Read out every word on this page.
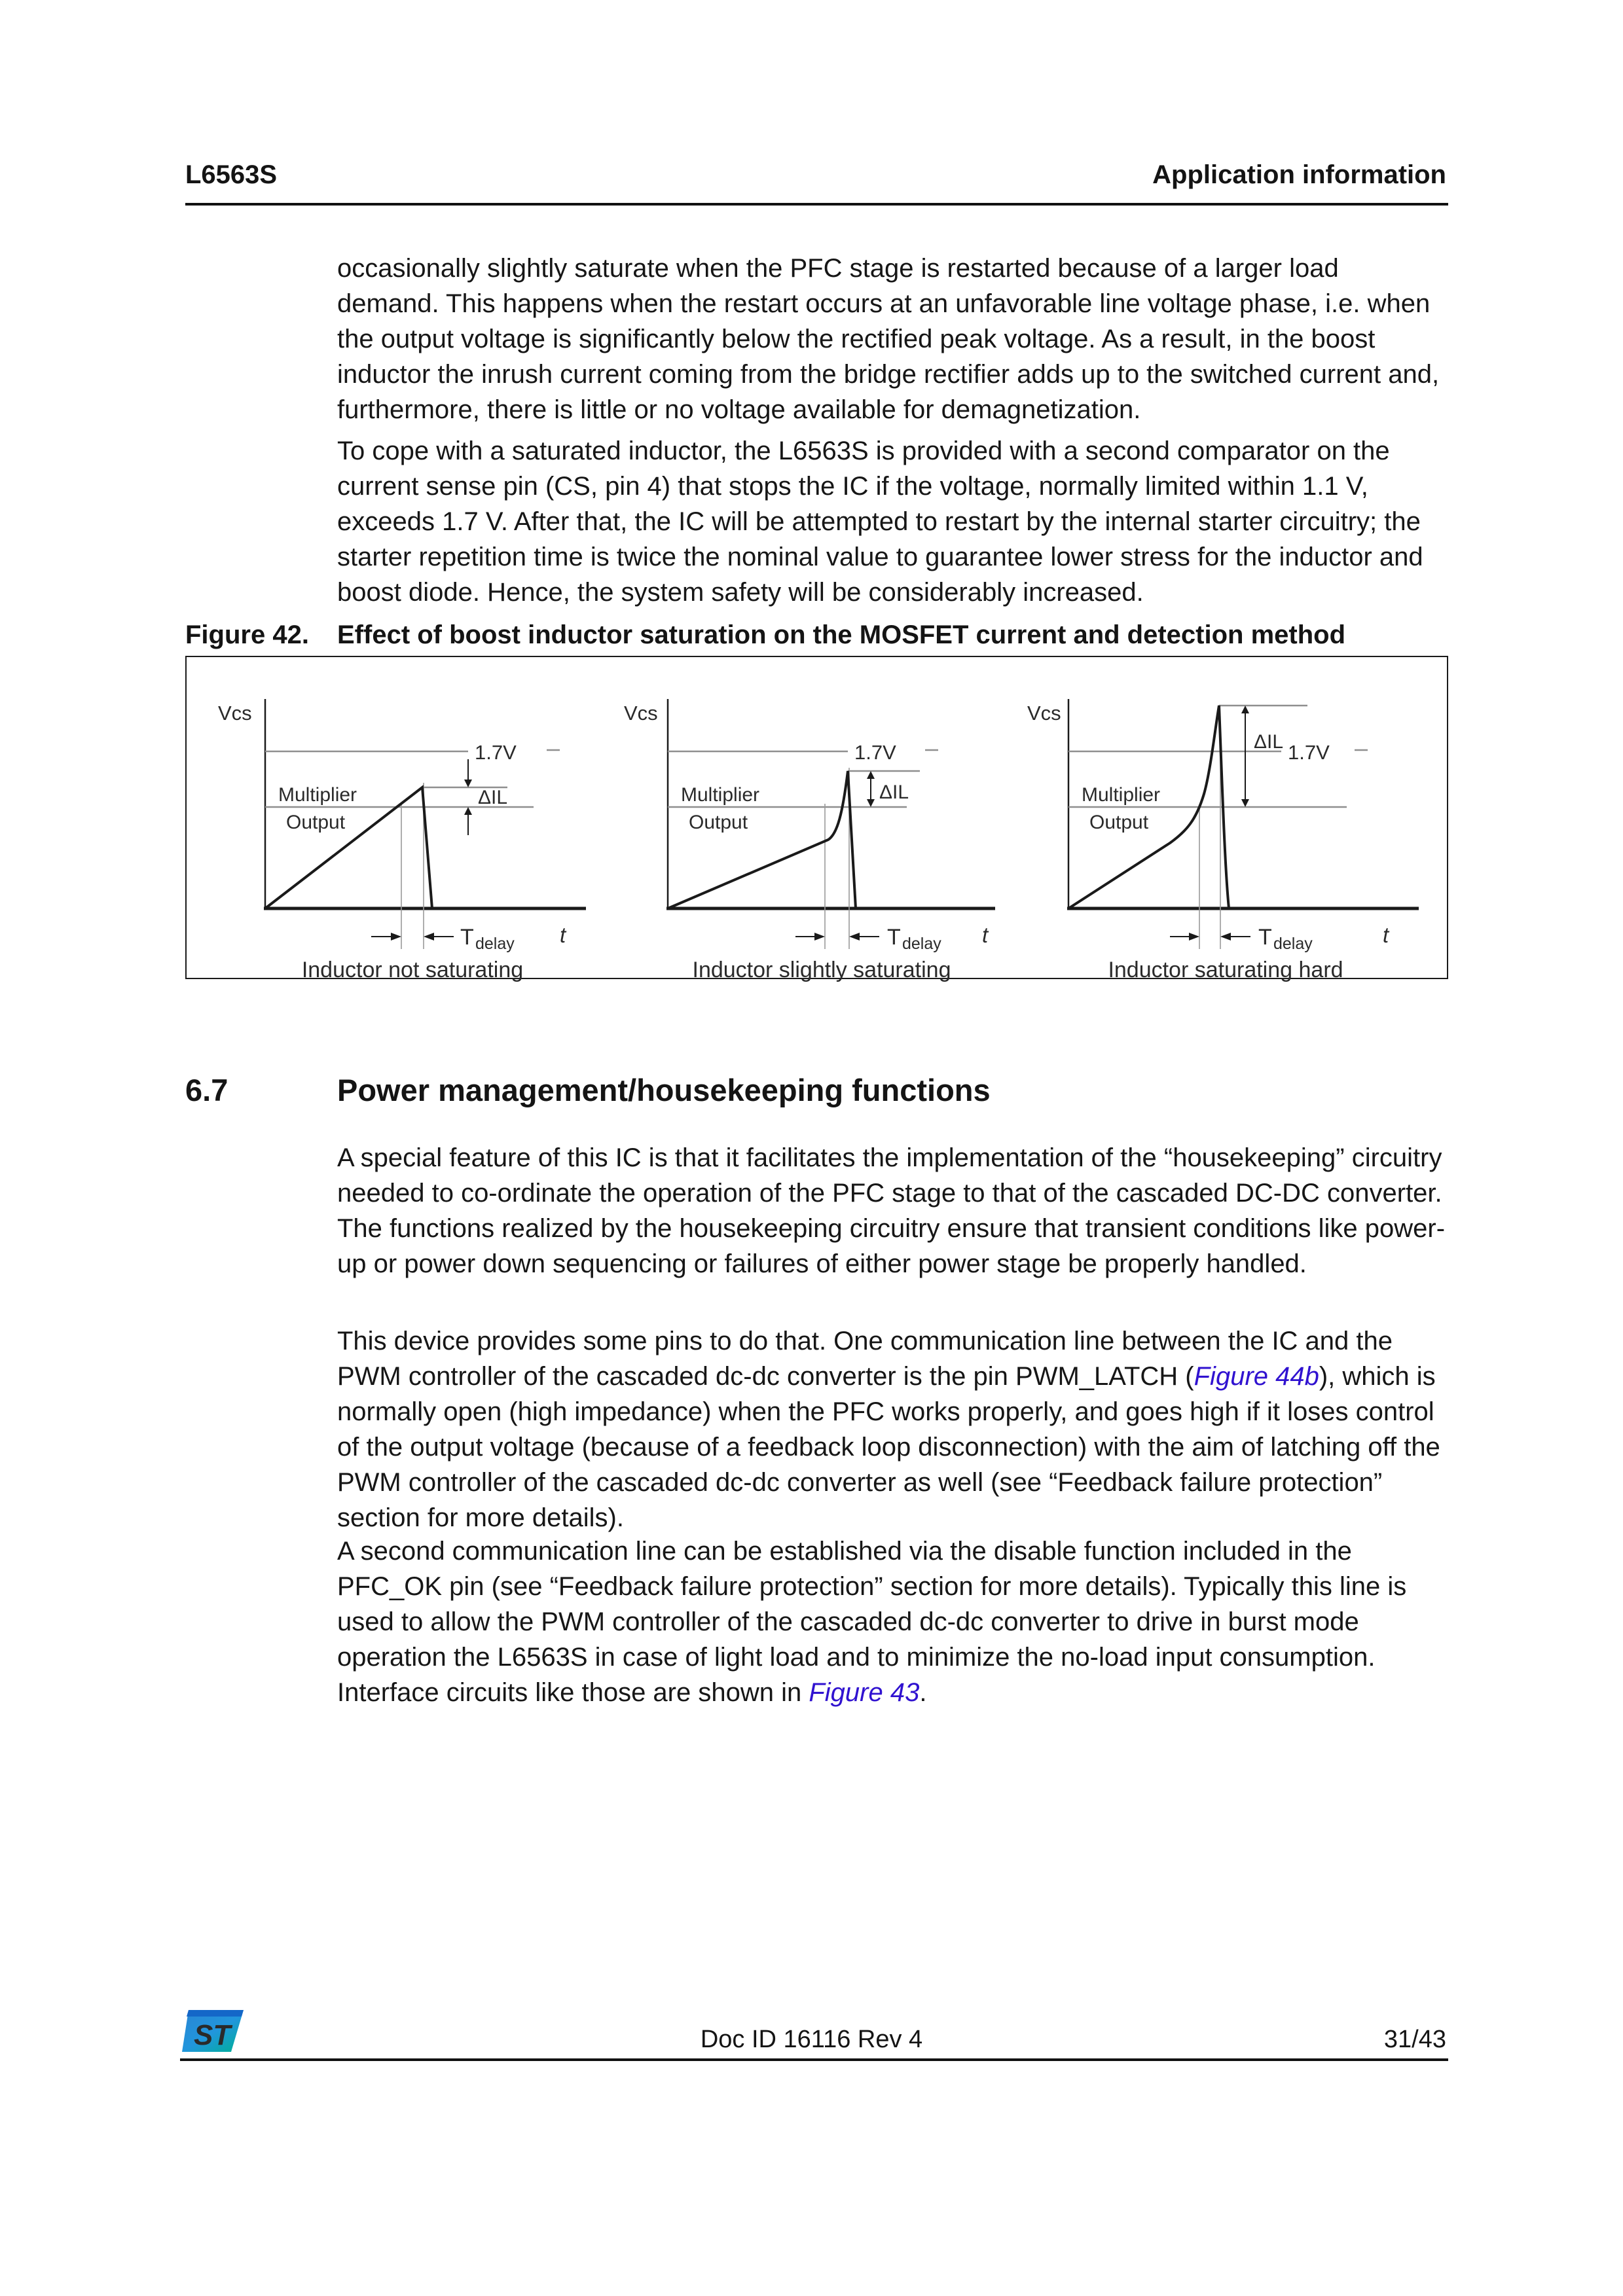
L6563S	Application information
occasionally slightly saturate when the PFC stage is restarted because of a larger load demand. This happens when the restart occurs at an unfavorable line voltage phase, i.e. when the output voltage is significantly below the rectified peak voltage. As a result, in the boost inductor the inrush current coming from the bridge rectifier adds up to the switched current and, furthermore, there is little or no voltage available for demagnetization.
To cope with a saturated inductor, the L6563S is provided with a second comparator on the current sense pin (CS, pin 4) that stops the IC if the voltage, normally limited within 1.1 V, exceeds 1.7 V. After that, the IC will be attempted to restart by the internal starter circuitry; the starter repetition time is twice the nominal value to guarantee lower stress for the inductor and boost diode. Hence, the system safety will be considerably increased.
Figure 42. Effect of boost inductor saturation on the MOSFET current and detection method
Vcs
1.7V
Multiplier
Output
ΔIL
T delay t
Inductor not saturating
Vcs
1.7V
Multiplier
Output
ΔIL
T delay t
Inductor slightly saturating
Vcs
1.7V
Multiplier
Output
ΔIL
T delay	t
Inductor saturating hard
6.7	Power management/housekeeping functions
A special feature of this IC is that it facilitates the implementation of the “housekeeping” circuitry needed to co-ordinate the operation of the PFC stage to that of the cascaded DC-DC converter. The functions realized by the housekeeping circuitry ensure that transient conditions like power-up or power down sequencing or failures of either power stage be properly handled.
This device provides some pins to do that. One communication line between the IC and the PWM controller of the cascaded dc-dc converter is the pin PWM_LATCH (Figure 44b), which is normally open (high impedance) when the PFC works properly, and goes high if it loses control of the output voltage (because of a feedback loop disconnection) with the aim of latching off the PWM controller of the cascaded dc-dc converter as well (see “Feedback failure protection” section for more details).
A second communication line can be established via the disable function included in the PFC_OK pin (see “Feedback failure protection” section for more details). Typically this line is used to allow the PWM controller of the cascaded dc-dc converter to drive in burst mode operation the L6563S in case of light load and to minimize the no-load input consumption. Interface circuits like those are shown in Figure 43.
ST	Doc ID 16116 Rev 4	31/43
